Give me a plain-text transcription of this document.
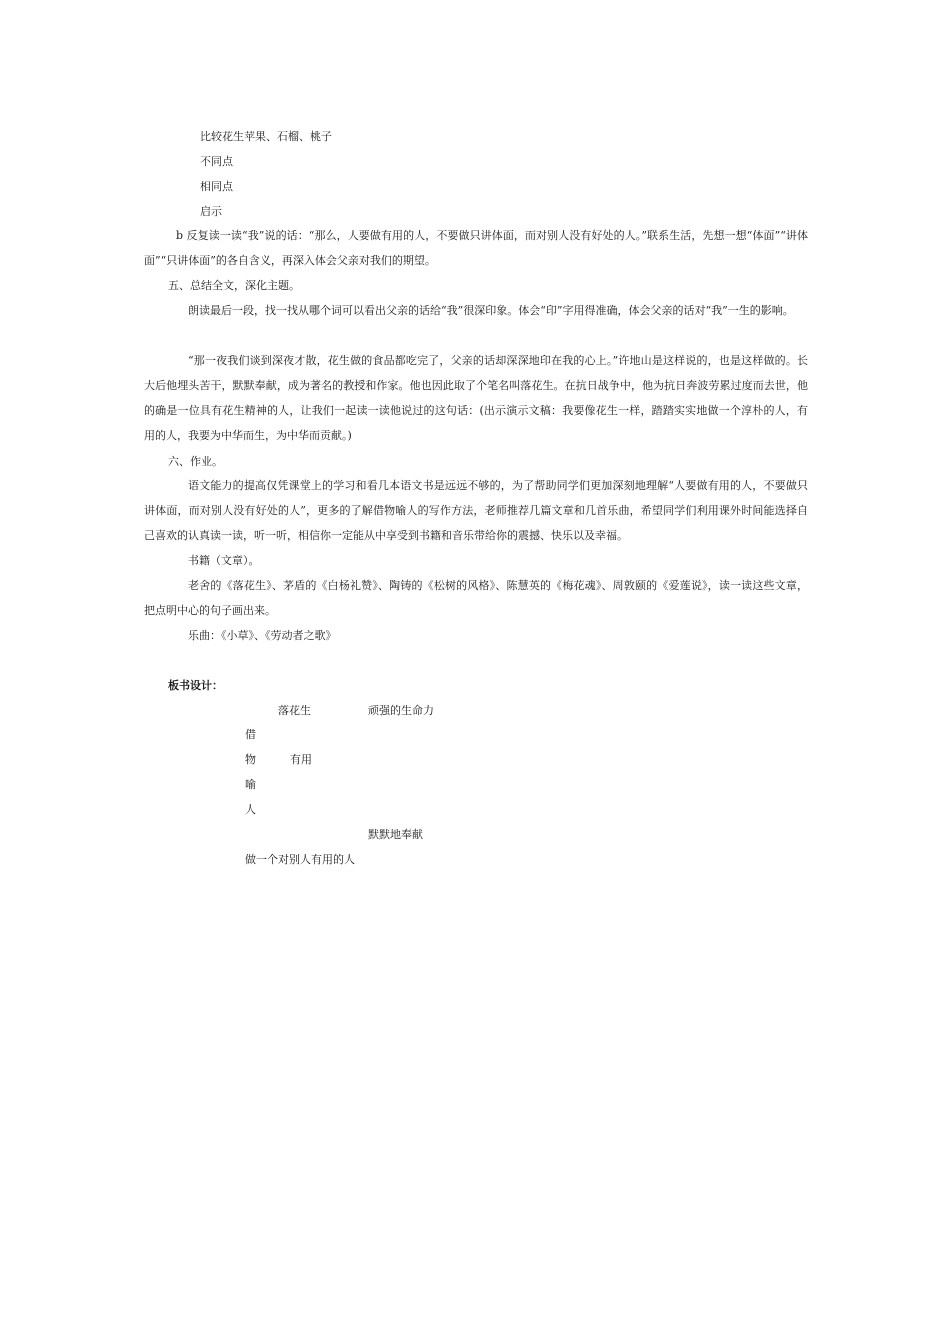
比较花生苹果、石榴、桃子
不同点
相同点
启示
b 反复读一读“我”说的话：“那么，人要做有用的人，不要做只讲体面，而对别人没有好处的人。”联系生活，先想一想“体面”“讲体面”“只讲体面”的各自含义，再深入体会父亲对我们的期望。
五、总结全文，深化主题。
朗读最后一段，找一找从哪个词可以看出父亲的话给“我”很深印象。体会“印”字用得准确，体会父亲的话对“我”一生的影响。
“那一夜我们谈到深夜才散，花生做的食品都吃完了，父亲的话却深深地印在我的心上。”许地山是这样说的，也是这样做的。长大后他埋头苦干，默默奉献，成为著名的教授和作家。他也因此取了个笔名叫落花生。在抗日战争中，他为抗日奔波劳累过度而去世，他的确是一位具有花生精神的人，让我们一起读一读他说过的这句话：(出示演示文稿：我要像花生一样，踏踏实实地做一个淳朴的人，有用的人，我要为中华而生，为中华而贡献。)
六、作业。
语文能力的提高仅凭课堂上的学习和看几本语文书是远远不够的，为了帮助同学们更加深刻地理解“人要做有用的人，不要做只讲体面，而对别人没有好处的人”，更多的了解借物喻人的写作方法，老师推荐几篇文章和几首乐曲，希望同学们利用课外时间能选择自己喜欢的认真读一读，听一听，相信你一定能从中享受到书籍和音乐带给你的震撼、快乐以及幸福。
书籍（文章）。
老舍的《落花生》、茅盾的《白杨礼赞》、陶铸的《松树的风格》、陈慧英的《梅花魂》、周敦颐的《爱莲说》，读一读这些文章，把点明中心的句子画出来。
乐曲：《小草》、《劳动者之歌》
板书设计：
落花生	顽强的生命力
借
物	有用
喻
人
默默地奉献
做一个对别人有用的人
